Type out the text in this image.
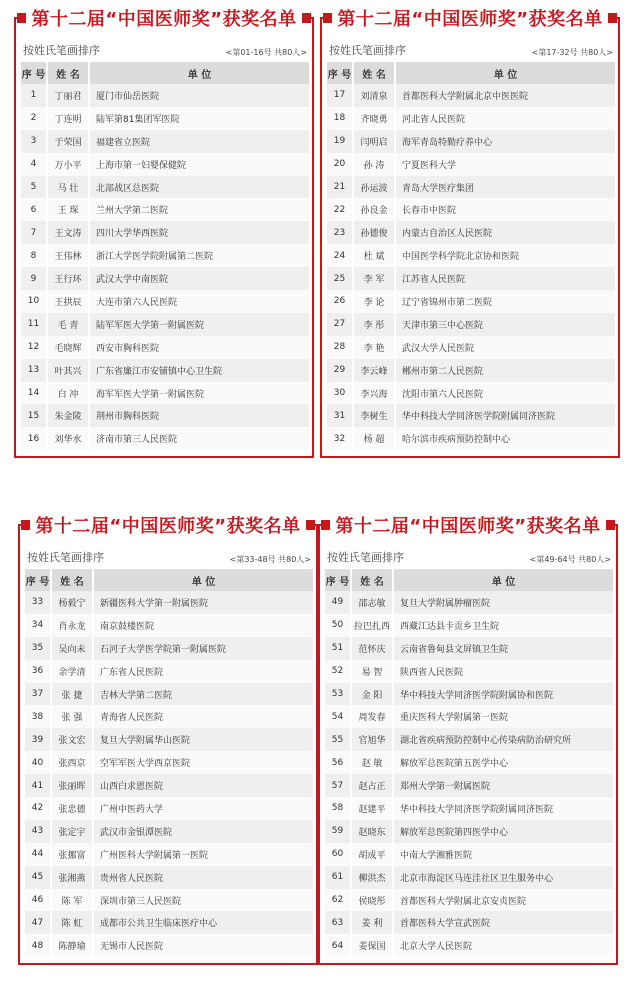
第十二届“中国医师奖”获奖名单
按姓氏笔画排序	<第01-16号 共80人>
序 号	姓 名	单 位
1	丁丽君	厦门市仙岳医院
2	丁连明	陆军第81集团军医院
3	于荣国	福建省立医院
4	万小平	上海市第一妇婴保健院
5	马 壮	北部战区总医院
6	王 琛	兰州大学第二医院
7	王文涛	四川大学华西医院
8	王伟林	浙江大学医学院附属第二医院
9	王行环	武汉大学中南医院
10	王拱辰	大连市第六人民医院
11	毛 青	陆军军医大学第一附属医院
12	毛晓辉	西安市胸科医院
13	叶其兴	广东省廉江市安铺镇中心卫生院
14	白 冲	海军军医大学第一附属医院
15	朱金陵	荆州市胸科医院
16	刘华水	济南市第三人民医院
第十二届“中国医师奖”获奖名单
按姓氏笔画排序	<第17-32号 共80人>
序 号	姓 名	单 位
17	刘清泉	首都医科大学附属北京中医医院
18	齐晓勇	河北省人民医院
19	闫明启	海军青岛特勤疗养中心
20	孙 涛	宁夏医科大学
21	孙运波	青岛大学医疗集团
22	孙良金	长春市中医院
23	孙德俊	内蒙古自治区人民医院
24	杜 斌	中国医学科学院北京协和医院
25	李 军	江苏省人民医院
26	李 论	辽宁省锦州市第二医院
27	李 彤	天津市第三中心医院
28	李 艳	武汉大学人民医院
29	李云峰	郴州市第二人民医院
30	李兴海	沈阳市第六人民医院
31	李树生	华中科技大学同济医学院附属同济医院
32	杨 超	哈尔滨市疾病预防控制中心
第十二届“中国医师奖”获奖名单
按姓氏笔画排序	<第33-48号 共80人>
序 号	姓 名	单 位
33	杨毅宁	新疆医科大学第一附属医院
34	肖永龙	南京鼓楼医院
35	吴向未	石河子大学医学院第一附属医院
36	余学清	广东省人民医院
37	张 捷	吉林大学第二医院
38	张 强	青海省人民医院
39	张文宏	复旦大学附属华山医院
40	张西京	空军军医大学西京医院
41	张丽晖	山西白求恩医院
42	张忠德	广州中医药大学
43	张定宇	武汉市金银潭医院
44	张挪富	广州医科大学附属第一医院
45	张湘燕	贵州省人民医院
46	陈 军	深圳市第三人民医院
47	陈 虹	成都市公共卫生临床医疗中心
48	陈静瑜	无锡市人民医院
第十二届“中国医师奖”获奖名单
按姓氏笔画排序	<第49-64号 共80人>
序 号	姓 名	单 位
49	邵志敏	复旦大学附属肿瘤医院
50	拉巴扎西	西藏江达县卡贡乡卫生院
51	范怀庆	云南省鲁甸县文屏镇卫生院
52	易 智	陕西省人民医院
53	金 阳	华中科技大学同济医学院附属协和医院
54	周发春	重庆医科大学附属第一医院
55	官旭华	湖北省疾病预防控制中心传染病防治研究所
56	赵 敏	解放军总医院第五医学中心
57	赵占正	郑州大学第一附属医院
58	赵建平	华中科技大学同济医学院附属同济医院
59	赵晓东	解放军总医院第四医学中心
60	胡成平	中南大学湘雅医院
61	柳洪杰	北京市海淀区马连洼社区卫生服务中心
62	侯晓彤	首都医科大学附属北京安贞医院
63	姜 利	首都医科大学宣武医院
64	姜保国	北京大学人民医院
